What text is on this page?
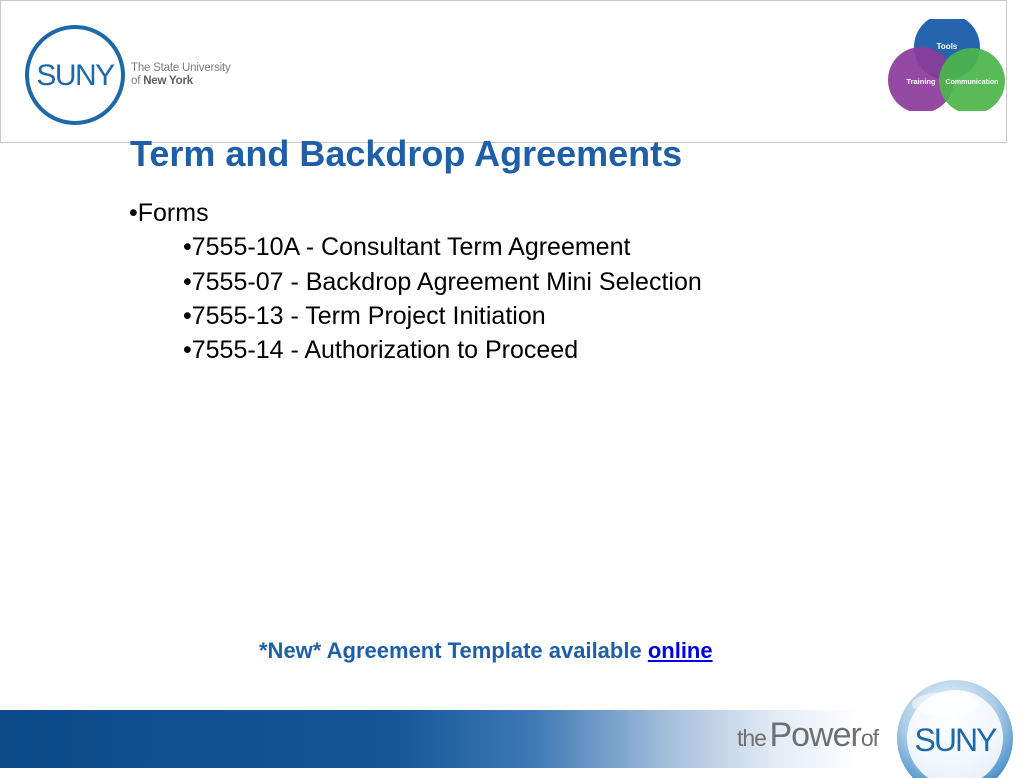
SUNY The State University
of New York
Tools
Training Communication
Term and Backdrop Agreements
•Forms
•7555-10A - Consultant Term Agreement
•7555-07 - Backdrop Agreement Mini Selection
•7555-13 - Term Project Initiation
•7555-14 - Authorization to Proceed
*New* Agreement Template available online
the Powerof SUNY
